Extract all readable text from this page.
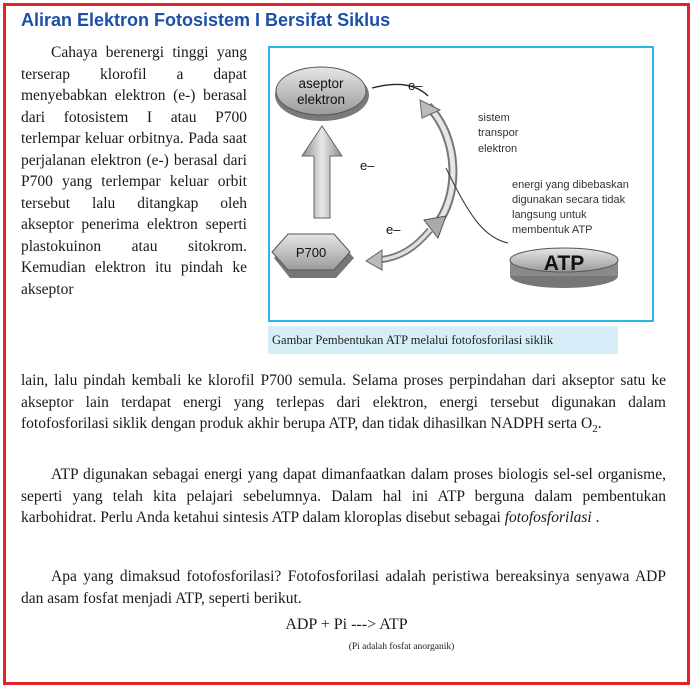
Aliran Elektron Fotosistem I Bersifat Siklus
Cahaya berenergi tinggi yang terserap klorofil a dapat menyebabkan elektron (e-) berasal dari fotosistem I atau P700 terlempar keluar orbitnya. Pada saat perjalanan elektron (e-) berasal dari P700 yang terlempar keluar orbit tersebut lalu ditangkap oleh akseptor penerima elektron seperti plastokuinon atau sitokrom. Kemudian elektron itu pindah ke akseptor
aseptor
elektron
e–
e–
e–
P700
sistem
transpor
elektron
energi yang dibebaskan
digunakan secara tidak
langsung untuk
membentuk ATP
ATP
Gambar Pembentukan ATP melalui fotofosforilasi siklik
lain, lalu pindah kembali ke klorofil P700 semula. Selama proses perpindahan dari akseptor satu ke akseptor lain terdapat energi yang terlepas dari elektron, energi tersebut digunakan dalam fotofosforilasi siklik dengan produk akhir berupa ATP, dan tidak dihasilkan NADPH serta $O_2$.
ATP digunakan sebagai energi yang dapat dimanfaatkan dalam proses biologis sel-sel organisme, seperti yang telah kita pelajari sebelumnya. Dalam hal ini ATP berguna dalam pembentukan karbohidrat. Perlu Anda ketahui sintesis ATP dalam kloroplas disebut sebagai fotofosforilasi .
Apa yang dimaksud fotofosforilasi? Fotofosforilasi adalah peristiwa bereaksinya senyawa ADP dan asam fosfat menjadi ATP, seperti berikut.
ADP + Pi ---> ATP
(Pi adalah fosfat anorganik)
